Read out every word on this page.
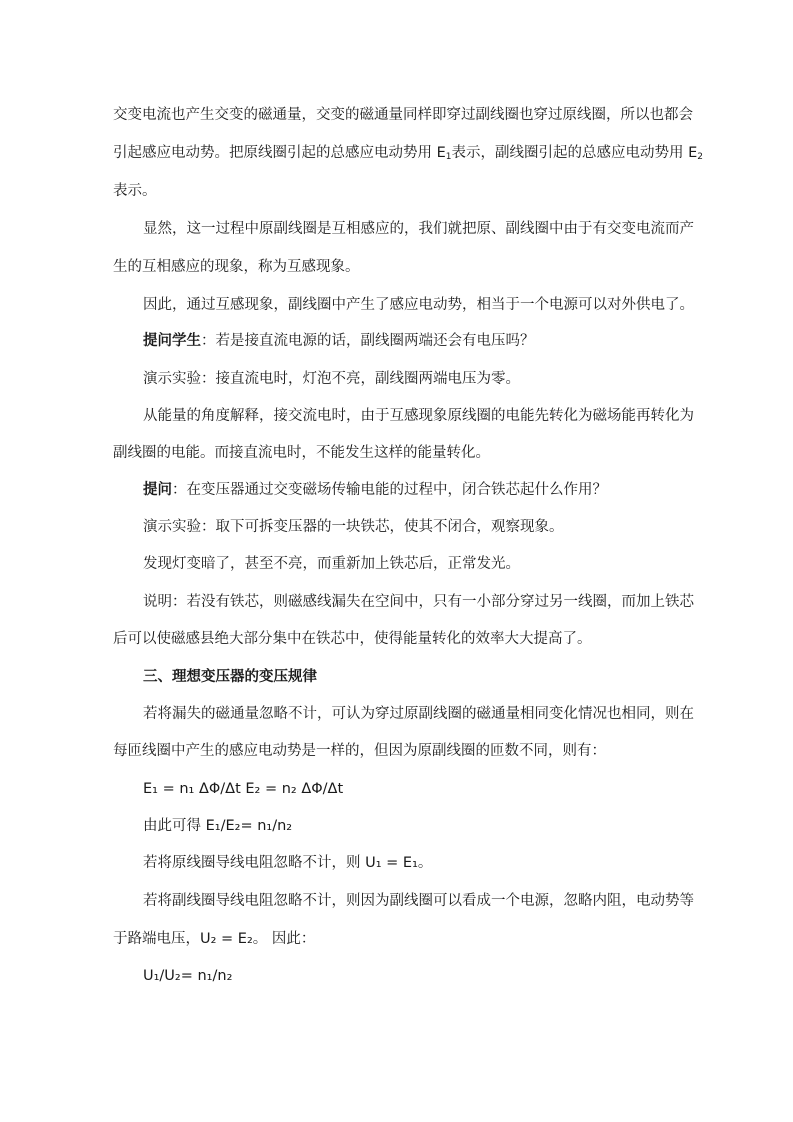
交变电流也产生交变的磁通量，交变的磁通量同样即穿过副线圈也穿过原线圈，所以也都会
引起感应电动势。把原线圈引起的总感应电动势用 $E_1$表示，副线圈引起的总感应电动势用 $E_2$
表示。
显然，这一过程中原副线圈是互相感应的，我们就把原、副线圈中由于有交变电流而产
生的互相感应的现象，称为互感现象。
因此，通过互感现象，副线圈中产生了感应电动势，相当于一个电源可以对外供电了。
提问学生：若是接直流电源的话，副线圈两端还会有电压吗？
演示实验：接直流电时，灯泡不亮，副线圈两端电压为零。
从能量的角度解释，接交流电时，由于互感现象原线圈的电能先转化为磁场能再转化为
副线圈的电能。而接直流电时，不能发生这样的能量转化。
提问：在变压器通过交变磁场传输电能的过程中，闭合铁芯起什么作用？
演示实验：取下可拆变压器的一块铁芯，使其不闭合，观察现象。
发现灯变暗了，甚至不亮，而重新加上铁芯后，正常发光。
说明：若没有铁芯，则磁感线漏失在空间中，只有一小部分穿过另一线圈，而加上铁芯
后可以使磁感县绝大部分集中在铁芯中，使得能量转化的效率大大提高了。
三、理想变压器的变压规律
若将漏失的磁通量忽略不计，可认为穿过原副线圈的磁通量相同变化情况也相同，则在
每匝线圈中产生的感应电动势是一样的，但因为原副线圈的匝数不同，则有：
E₁ = n₁ ΔΦ/Δt E₂ = n₂ ΔΦ/Δt
由此可得 E₁/E₂= n₁/n₂
若将原线圈导线电阻忽略不计，则 U₁ = E₁。
若将副线圈导线电阻忽略不计，则因为副线圈可以看成一个电源，忽略内阻，电动势等
于路端电压，U₂ = E₂。 因此：
U₁/U₂= n₁/n₂
